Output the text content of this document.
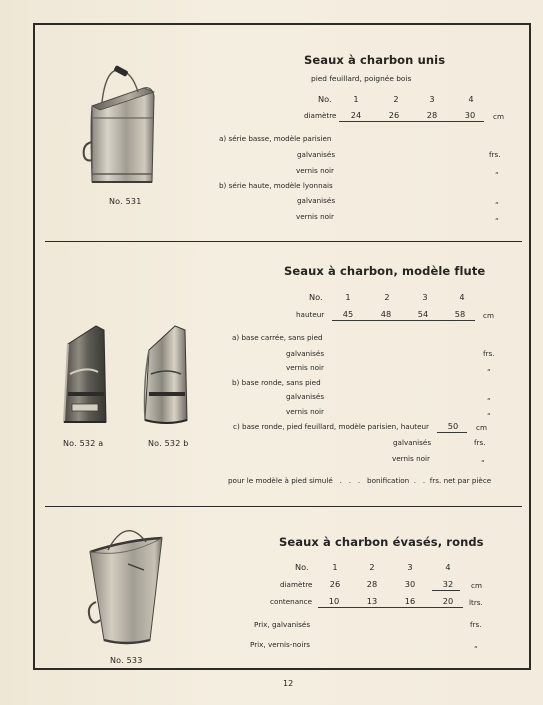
No. 531
Seaux à charbon unis
pied feuillard, poignée bois
No.	1	2	3	4
diamètre	24	26	28	30	cm
a) série basse, modèle parisien
galvanisés	frs.
vernis noir	„
b) série haute, modèle lyonnais
galvanisés	„
vernis noir	„
No. 532 a	No. 532 b
Seaux à charbon, modèle flute
No.	1	2	3	4
hauteur	45	48	54	58	cm
a) base carrée, sans pied
galvanisés	frs.
vernis noir	„
b) base ronde, sans pied
galvanisés	„
vernis noir	„
c) base ronde, pied feuillard, modèle parisien, hauteur	50	cm
galvanisés	frs.
vernis noir	„
pour le modèle à pied simulé   .   .   .   bonification  .   .  frs. net par pièce
No. 533
Seaux à charbon évasés, ronds
No.	1	2	3	4
diamètre	26	28	30	32	cm
contenance	10	13	16	20	ltrs.
Prix, galvanisés	frs.
Prix, vernis-noirs	„
12
